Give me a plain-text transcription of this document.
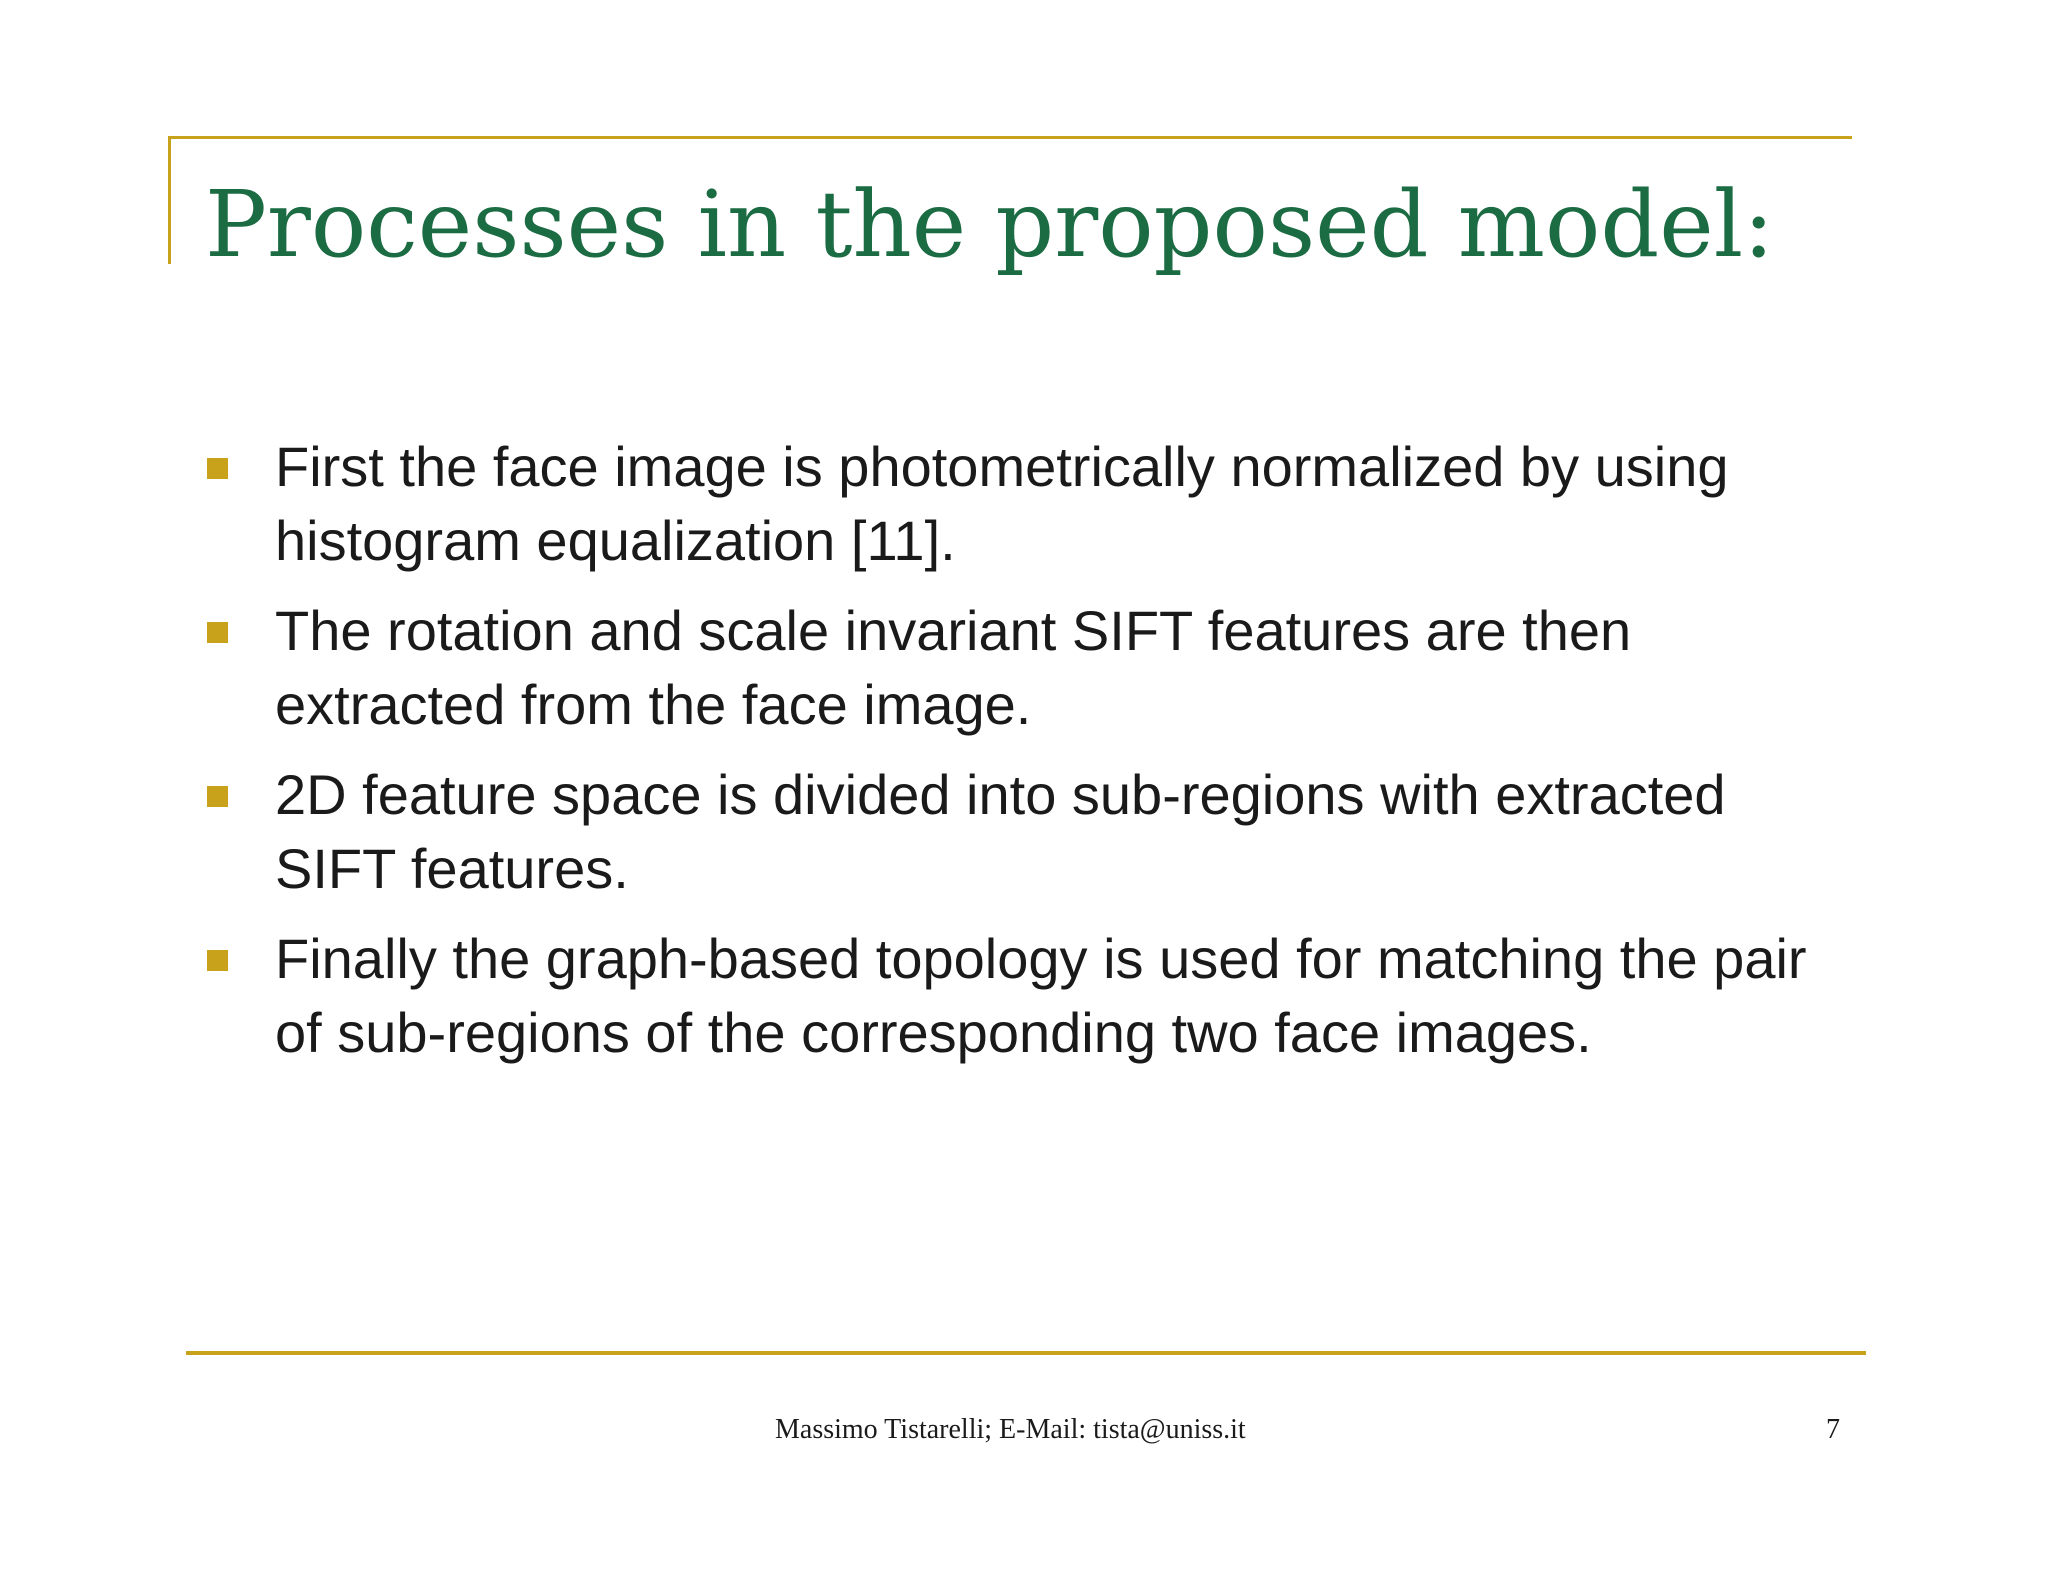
Processes in the proposed model:
First the face image is photometrically normalized by using histogram equalization [11].
The rotation and scale invariant SIFT features are then extracted from the face image.
2D feature space is divided into sub-regions with extracted SIFT features.
Finally the graph-based topology is used for matching the pair of sub-regions of the corresponding two face images.
Massimo Tistarelli; E-Mail: tista@uniss.it	7
